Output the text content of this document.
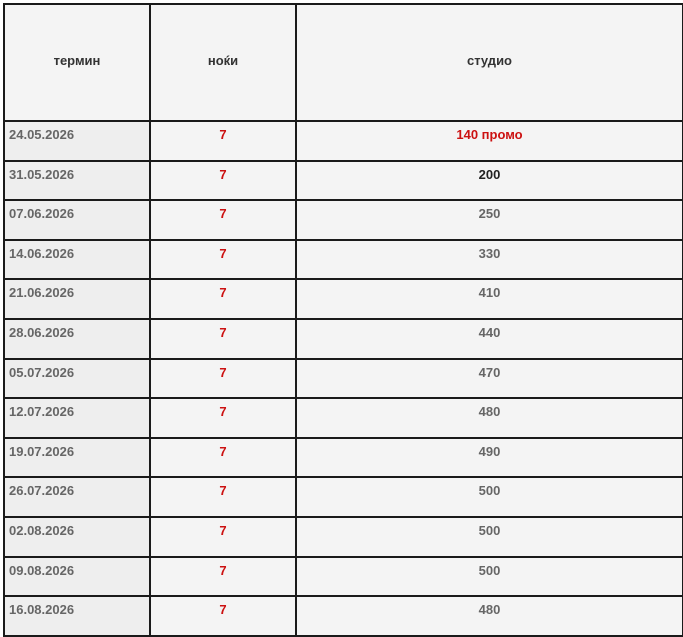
термин	ноќи	студио
24.05.2026	7	140 промо
31.05.2026	7	200
07.06.2026	7	250
14.06.2026	7	330
21.06.2026	7	410
28.06.2026	7	440
05.07.2026	7	470
12.07.2026	7	480
19.07.2026	7	490
26.07.2026	7	500
02.08.2026	7	500
09.08.2026	7	500
16.08.2026	7	480
